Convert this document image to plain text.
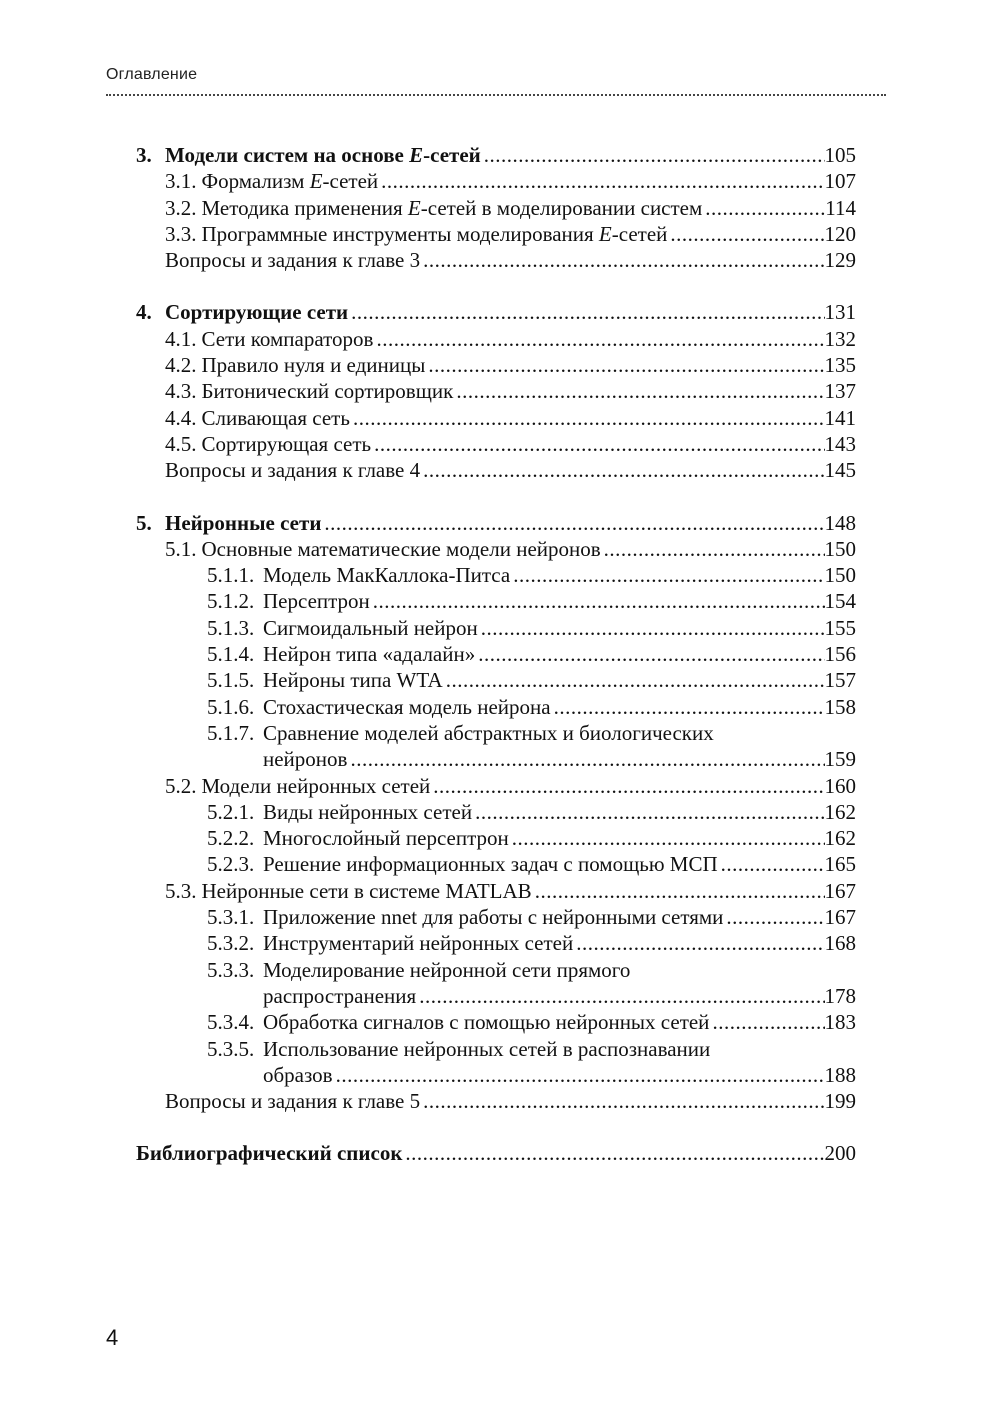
Оглавление
3. Модели систем на основе E-сетей .....	105
3.1. Формализм E-сетей .....	107
3.2. Методика применения E-сетей в моделировании систем .....	114
3.3. Программные инструменты моделирования E-сетей .....	120
Вопросы и задания к главе 3 .....	129
4. Сортирующие сети .....	131
4.1. Сети компараторов .....	132
4.2. Правило нуля и единицы .....	135
4.3. Битонический сортировщик .....	137
4.4. Сливающая сеть .....	141
4.5. Сортирующая сеть .....	143
Вопросы и задания к главе 4 .....	145
5. Нейронные сети .....	148
5.1. Основные математические модели нейронов .....	150
5.1.1. Модель МакКаллока-Питса .....	150
5.1.2. Персептрон .....	154
5.1.3. Сигмоидальный нейрон .....	155
5.1.4. Нейрон типа «адалайн» .....	156
5.1.5. Нейроны типа WTA .....	157
5.1.6. Стохастическая модель нейрона .....	158
5.1.7. Сравнение моделей абстрактных и биологических
нейронов .....	159
5.2. Модели нейронных сетей .....	160
5.2.1. Виды нейронных сетей .....	162
5.2.2. Многослойный персептрон .....	162
5.2.3. Решение информационных задач с помощью МСП .....	165
5.3. Нейронные сети в системе MATLAB .....	167
5.3.1. Приложение nnet для работы с нейронными сетями .....	167
5.3.2. Инструментарий нейронных сетей .....	168
5.3.3. Моделирование нейронной сети прямого
распространения .....	178
5.3.4. Обработка сигналов с помощью нейронных сетей .....	183
5.3.5. Использование нейронных сетей в распознавании
образов .....	188
Вопросы и задания к главе 5 .....	199
Библиографический список .....	200
4
